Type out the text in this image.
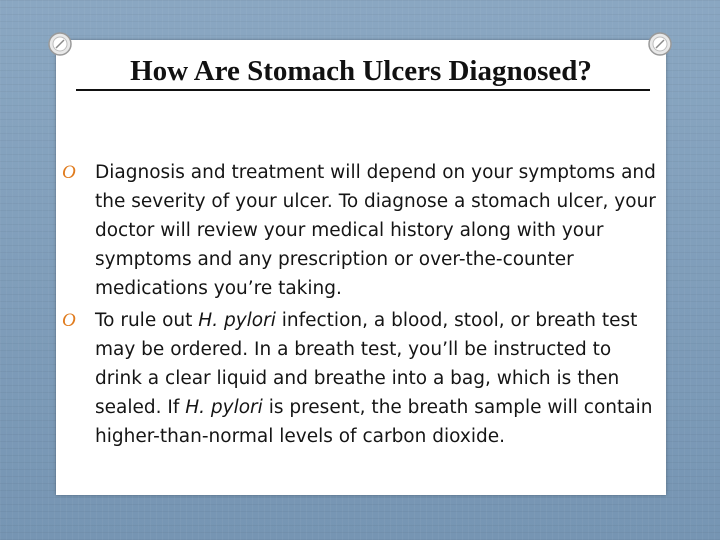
How Are Stomach Ulcers Diagnosed?
O Diagnosis and treatment will depend on your symptoms and the severity of your ulcer. To diagnose a stomach ulcer, your doctor will review your medical history along with your symptoms and any prescription or over-the-counter medications you’re taking.
O To rule out H. pylori infection, a blood, stool, or breath test may be ordered. In a breath test, you’ll be instructed to drink a clear liquid and breathe into a bag, which is then sealed. If H. pylori is present, the breath sample will contain higher-than-normal levels of carbon dioxide.
